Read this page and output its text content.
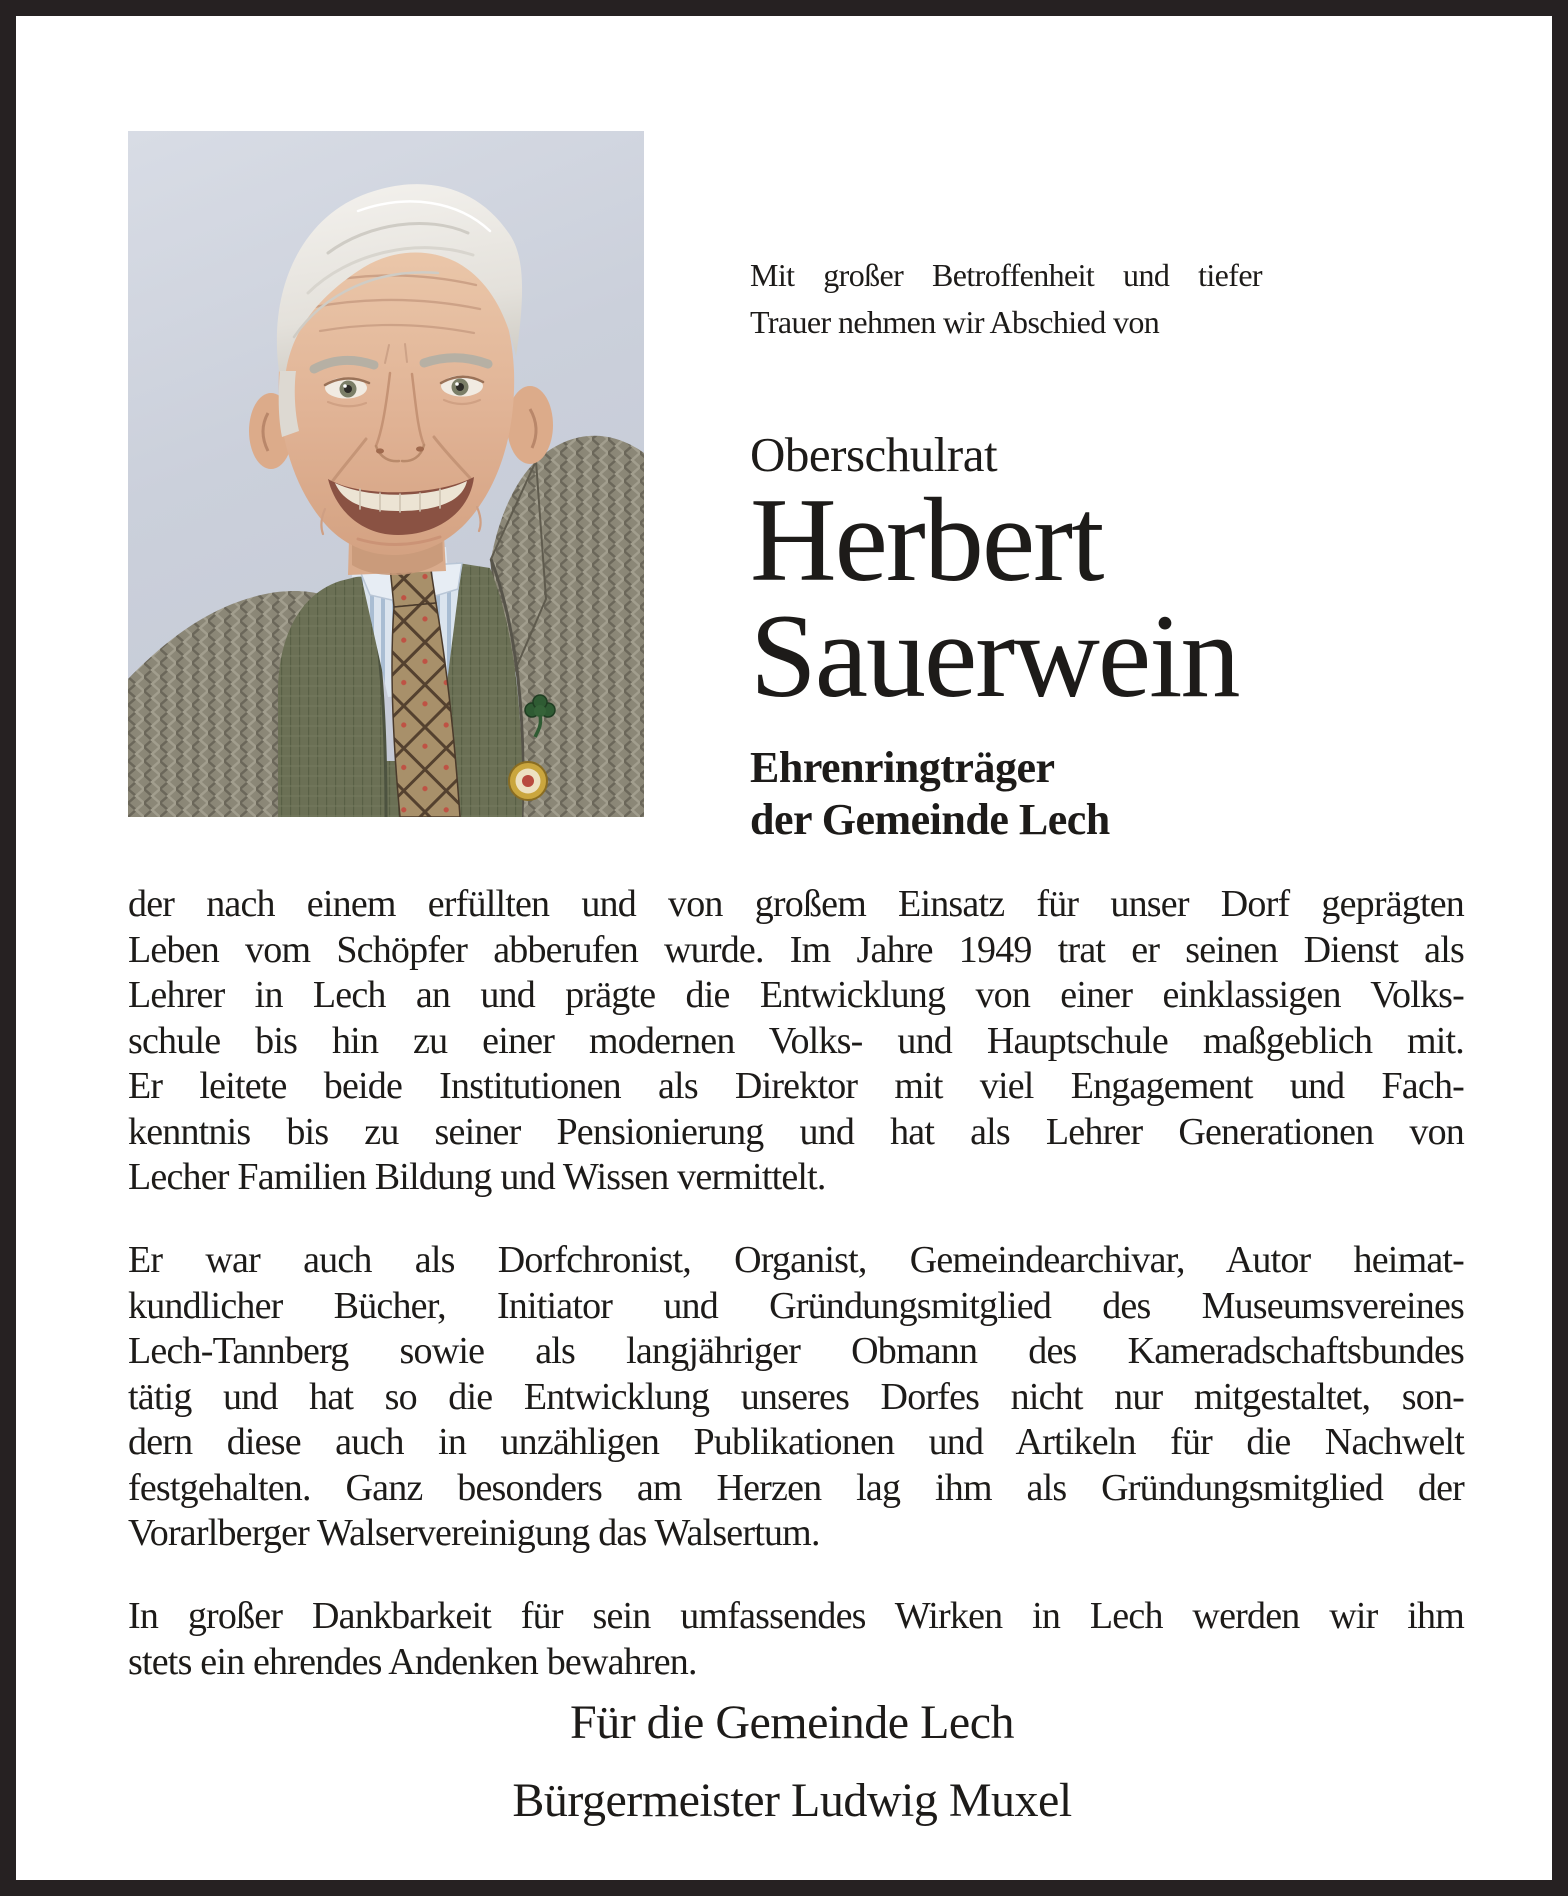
Mit großer Betroffenheit und tiefer
Trauer nehmen wir Abschied von
Oberschulrat
Herbert
Sauerwein
Ehrenringträger
der Gemeinde Lech
der nach einem erfüllten und von großem Einsatz für unser Dorf geprägten
Leben vom Schöpfer abberufen wurde. Im Jahre 1949 trat er seinen Dienst als
Lehrer in Lech an und prägte die Entwicklung von einer einklassigen Volks-
schule bis hin zu einer modernen Volks- und Hauptschule maßgeblich mit.
Er leitete beide Institutionen als Direktor mit viel Engagement und Fach-
kenntnis bis zu seiner Pensionierung und hat als Lehrer Generationen von
Lecher Familien Bildung und Wissen vermittelt.
Er war auch als Dorfchronist, Organist, Gemeindearchivar, Autor heimat-
kundlicher Bücher, Initiator und Gründungsmitglied des Museumsvereines
Lech-Tannberg sowie als langjähriger Obmann des Kameradschaftsbundes
tätig und hat so die Entwicklung unseres Dorfes nicht nur mitgestaltet, son-
dern diese auch in unzähligen Publikationen und Artikeln für die Nachwelt
festgehalten. Ganz besonders am Herzen lag ihm als Gründungsmitglied der
Vorarlberger Walservereinigung das Walsertum.
In großer Dankbarkeit für sein umfassendes Wirken in Lech werden wir ihm
stets ein ehrendes Andenken bewahren.
Für die Gemeinde Lech
Bürgermeister Ludwig Muxel
